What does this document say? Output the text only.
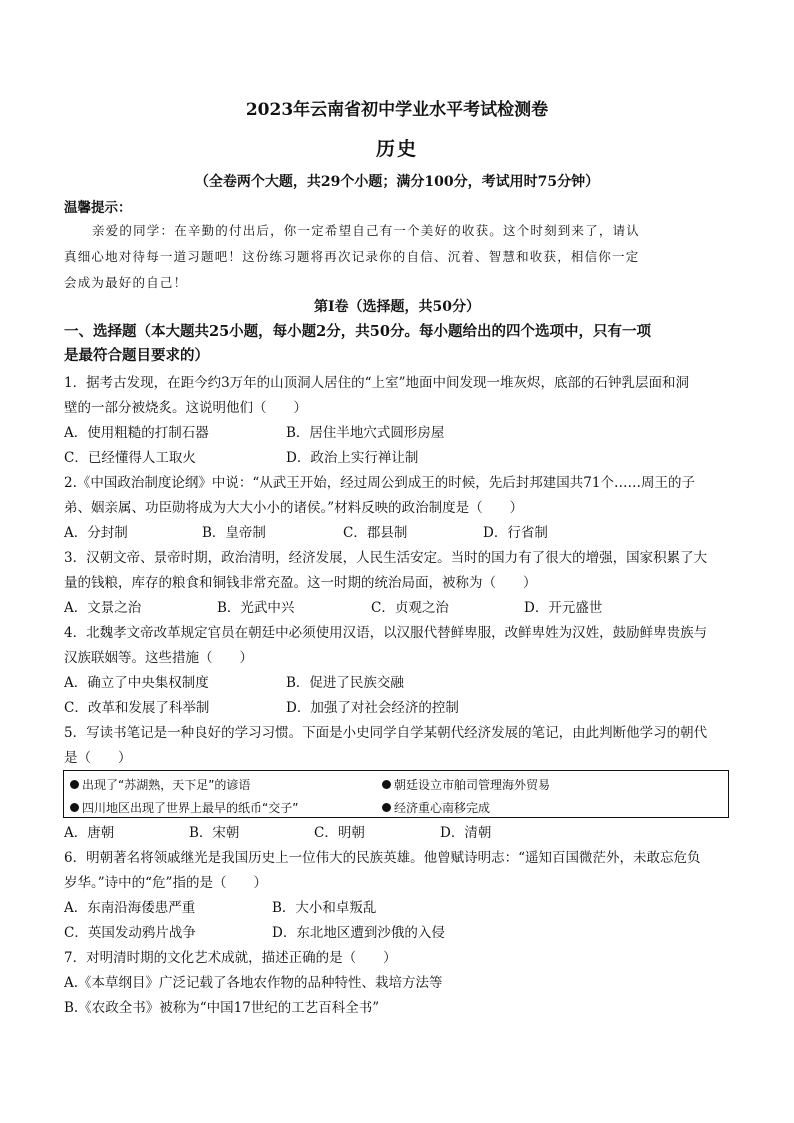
2023年云南省初中学业水平考试检测卷
历史
（全卷两个大题，共29个小题；满分100分，考试用时75分钟）
温馨提示：
亲爱的同学：在辛勤的付出后，你一定希望自己有一个美好的收获。这个时刻到来了，请认
真细心地对待每一道习题吧！这份练习题将再次记录你的自信、沉着、智慧和收获，相信你一定
会成为最好的自己！
第Ⅰ卷（选择题，共50分）
一、选择题（本大题共25小题，每小题2分，共50分。每小题给出的四个选项中，只有一项
是最符合题目要求的）
1．据考古发现，在距今约3万年的山顶洞人居住的“上室”地面中间发现一堆灰烬，底部的石钟乳层面和洞
壁的一部分被烧炙。这说明他们（　　）
A．使用粗糙的打制石器	B．居住半地穴式圆形房屋
C．已经懂得人工取火	D．政治上实行禅让制
2.《中国政治制度论纲》中说：“从武王开始，经过周公到成王的时候，先后封邦建国共71个……周王的子
弟、姻亲属、功臣勋将成为大大小小的诸侯。”材料反映的政治制度是（　　）
A．分封制	B．皇帝制	C．郡县制	D．行省制
3．汉朝文帝、景帝时期，政治清明，经济发展，人民生活安定。当时的国力有了很大的增强，国家积累了大
量的钱粮，库存的粮食和铜钱非常充盈。这一时期的统治局面，被称为（　　）
A．文景之治	B．光武中兴	C．贞观之治	D．开元盛世
4．北魏孝文帝改革规定官员在朝廷中必须使用汉语，以汉服代替鲜卑服，改鲜卑姓为汉姓，鼓励鲜卑贵族与
汉族联姻等。这些措施（　　）
A．确立了中央集权制度	B．促进了民族交融
C．改革和发展了科举制	D．加强了对社会经济的控制
5．写读书笔记是一种良好的学习习惯。下面是小史同学自学某朝代经济发展的笔记，由此判断他学习的朝代
是（　　）
出现了“苏湖熟，天下足”的谚语	朝廷设立市舶司管理海外贸易
四川地区出现了世界上最早的纸币“交子”	经济重心南移完成
A．唐朝	B．宋朝	C．明朝	D．清朝
6．明朝著名将领戚继光是我国历史上一位伟大的民族英雄。他曾赋诗明志：“遥知百国微茫外，未敢忘危负
岁华。”诗中的“危”指的是（　　）
A．东南沿海倭患严重	B．大小和卓叛乱
C．英国发动鸦片战争	D．东北地区遭到沙俄的入侵
7．对明清时期的文化艺术成就，描述正确的是（　　）
A.《本草纲目》广泛记载了各地农作物的品种特性、栽培方法等
B.《农政全书》被称为“中国17世纪的工艺百科全书”
